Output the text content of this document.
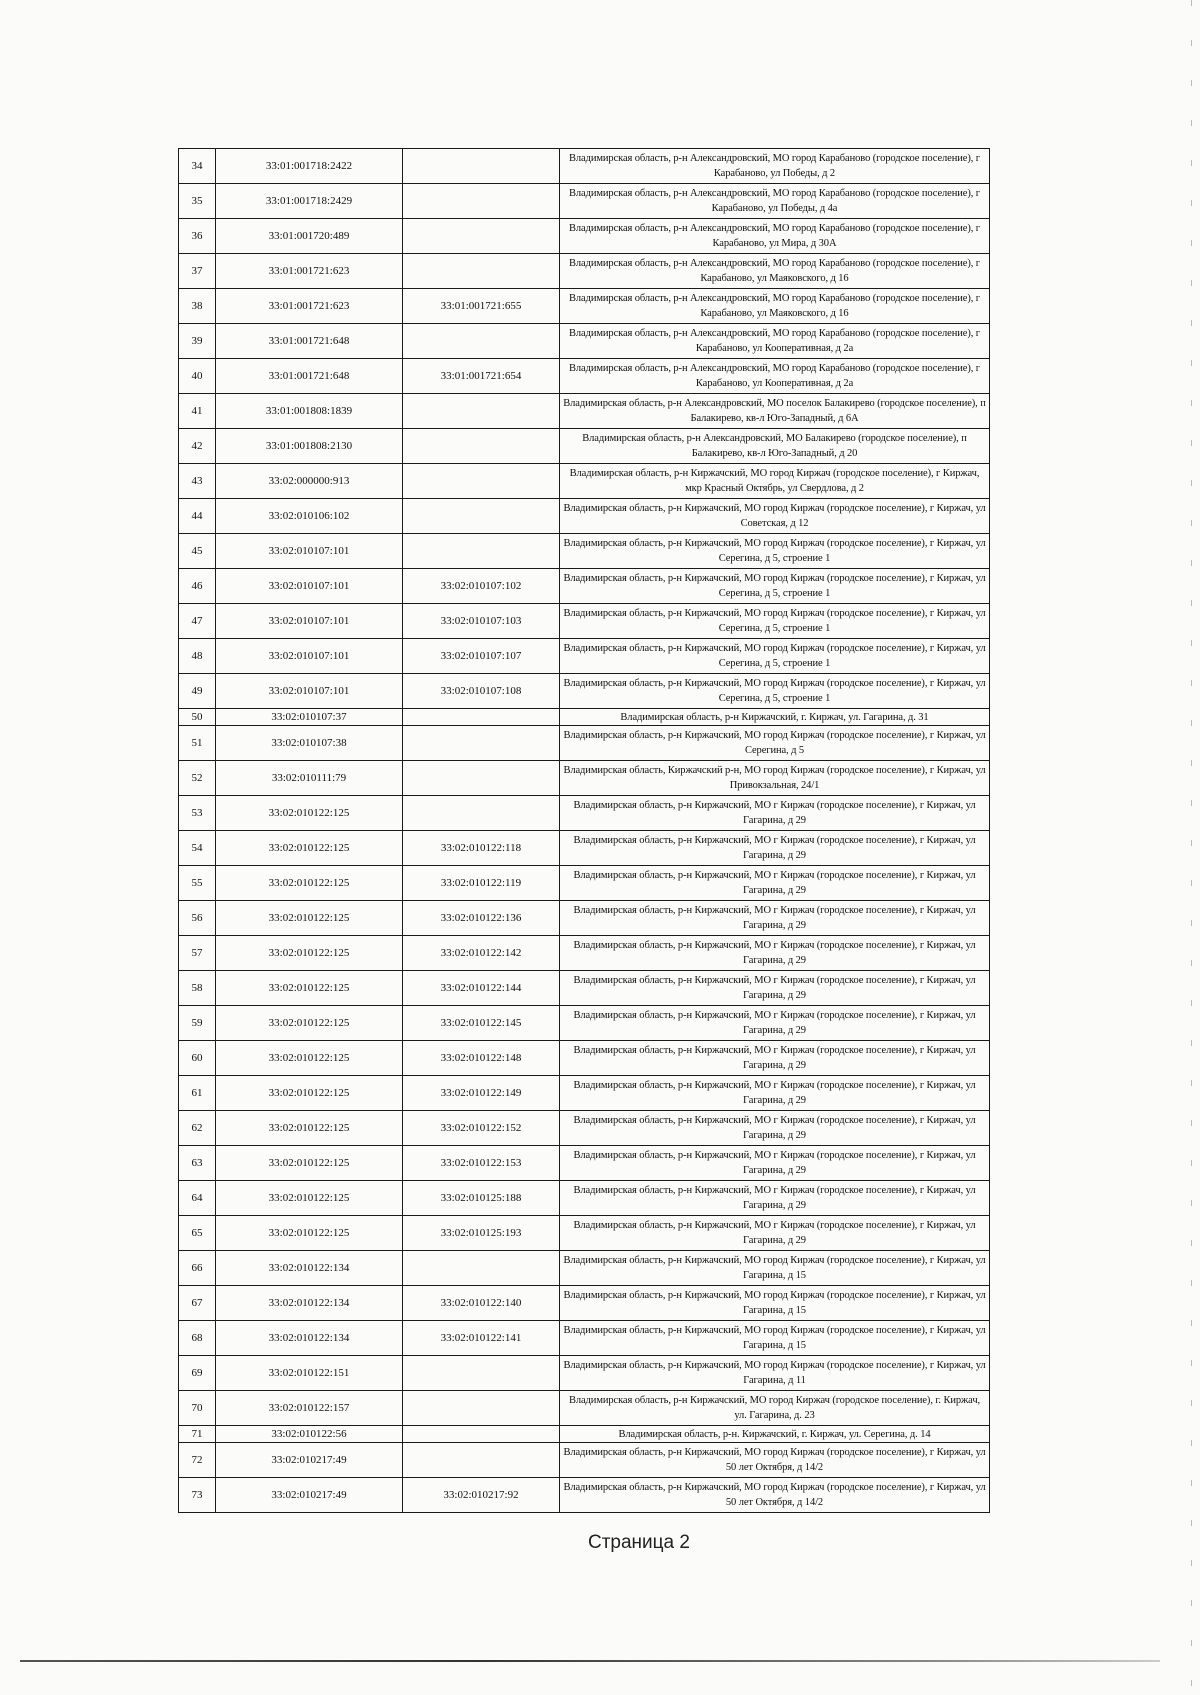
34	33:01:001718:2422		Владимирская область, р-н Александровский, МО город Карабаново (городское поселение), г Карабаново, ул Победы, д 2
35	33:01:001718:2429		Владимирская область, р-н Александровский, МО город Карабаново (городское поселение), г Карабаново, ул Победы, д 4а
36	33:01:001720:489		Владимирская область, р-н Александровский, МО город Карабаново (городское поселение), г Карабаново, ул Мира, д 30А
37	33:01:001721:623		Владимирская область, р-н Александровский, МО город Карабаново (городское поселение), г Карабаново, ул Маяковского, д 16
38	33:01:001721:623	33:01:001721:655	Владимирская область, р-н Александровский, МО город Карабаново (городское поселение), г Карабаново, ул Маяковского, д 16
39	33:01:001721:648		Владимирская область, р-н Александровский, МО город Карабаново (городское поселение), г Карабаново, ул Кооперативная, д 2а
40	33:01:001721:648	33:01:001721:654	Владимирская область, р-н Александровский, МО город Карабаново (городское поселение), г Карабаново, ул Кооперативная, д 2а
41	33:01:001808:1839		Владимирская область, р-н Александровский, МО поселок Балакирево (городское поселение), п Балакирево, кв-л Юго-Западный, д 6А
42	33:01:001808:2130		Владимирская область, р-н Александровский, МО Балакирево (городское поселение), п Балакирево, кв-л Юго-Западный, д 20
43	33:02:000000:913		Владимирская область, р-н Киржачский, МО город Киржач (городское поселение), г Киржач, мкр Красный Октябрь, ул Свердлова, д 2
44	33:02:010106:102		Владимирская область, р-н Киржачский, МО город Киржач (городское поселение), г Киржач, ул Советская, д 12
45	33:02:010107:101		Владимирская область, р-н Киржачский, МО город Киржач (городское поселение), г Киржач, ул Серегина, д 5, строение 1
46	33:02:010107:101	33:02:010107:102	Владимирская область, р-н Киржачский, МО город Киржач (городское поселение), г Киржач, ул Серегина, д 5, строение 1
47	33:02:010107:101	33:02:010107:103	Владимирская область, р-н Киржачский, МО город Киржач (городское поселение), г Киржач, ул Серегина, д 5, строение 1
48	33:02:010107:101	33:02:010107:107	Владимирская область, р-н Киржачский, МО город Киржач (городское поселение), г Киржач, ул Серегина, д 5, строение 1
49	33:02:010107:101	33:02:010107:108	Владимирская область, р-н Киржачский, МО город Киржач (городское поселение), г Киржач, ул Серегина, д 5, строение 1
50	33:02:010107:37		Владимирская область, р-н Киржачский, г. Киржач, ул. Гагарина, д. 31
51	33:02:010107:38		Владимирская область, р-н Киржачский, МО город Киржач (городское поселение), г Киржач, ул Серегина, д 5
52	33:02:010111:79		Владимирская область, Киржачский р-н, МО город Киржач (городское поселение), г Киржач, ул Привокзальная, 24/1
53	33:02:010122:125		Владимирская область, р-н Киржачский, МО г Киржач (городское поселение), г Киржач, ул Гагарина, д 29
54	33:02:010122:125	33:02:010122:118	Владимирская область, р-н Киржачский, МО г Киржач (городское поселение), г Киржач, ул Гагарина, д 29
55	33:02:010122:125	33:02:010122:119	Владимирская область, р-н Киржачский, МО г Киржач (городское поселение), г Киржач, ул Гагарина, д 29
56	33:02:010122:125	33:02:010122:136	Владимирская область, р-н Киржачский, МО г Киржач (городское поселение), г Киржач, ул Гагарина, д 29
57	33:02:010122:125	33:02:010122:142	Владимирская область, р-н Киржачский, МО г Киржач (городское поселение), г Киржач, ул Гагарина, д 29
58	33:02:010122:125	33:02:010122:144	Владимирская область, р-н Киржачский, МО г Киржач (городское поселение), г Киржач, ул Гагарина, д 29
59	33:02:010122:125	33:02:010122:145	Владимирская область, р-н Киржачский, МО г Киржач (городское поселение), г Киржач, ул Гагарина, д 29
60	33:02:010122:125	33:02:010122:148	Владимирская область, р-н Киржачский, МО г Киржач (городское поселение), г Киржач, ул Гагарина, д 29
61	33:02:010122:125	33:02:010122:149	Владимирская область, р-н Киржачский, МО г Киржач (городское поселение), г Киржач, ул Гагарина, д 29
62	33:02:010122:125	33:02:010122:152	Владимирская область, р-н Киржачский, МО г Киржач (городское поселение), г Киржач, ул Гагарина, д 29
63	33:02:010122:125	33:02:010122:153	Владимирская область, р-н Киржачский, МО г Киржач (городское поселение), г Киржач, ул Гагарина, д 29
64	33:02:010122:125	33:02:010125:188	Владимирская область, р-н Киржачский, МО г Киржач (городское поселение), г Киржач, ул Гагарина, д 29
65	33:02:010122:125	33:02:010125:193	Владимирская область, р-н Киржачский, МО г Киржач (городское поселение), г Киржач, ул Гагарина, д 29
66	33:02:010122:134		Владимирская область, р-н Киржачский, МО город Киржач (городское поселение), г Киржач, ул Гагарина, д 15
67	33:02:010122:134	33:02:010122:140	Владимирская область, р-н Киржачский, МО город Киржач (городское поселение), г Киржач, ул Гагарина, д 15
68	33:02:010122:134	33:02:010122:141	Владимирская область, р-н Киржачский, МО город Киржач (городское поселение), г Киржач, ул Гагарина, д 15
69	33:02:010122:151		Владимирская область, р-н Киржачский, МО город Киржач (городское поселение), г Киржач, ул Гагарина, д 11
70	33:02:010122:157		Владимирская область, р-н Киржачский, МО город Киржач (городское поселение), г. Киржач, ул. Гагарина, д. 23
71	33:02:010122:56		Владимирская область, р-н. Киржачский, г. Киржач, ул. Серегина, д. 14
72	33:02:010217:49		Владимирская область, р-н Киржачский, МО город Киржач (городское поселение), г Киржач, ул 50 лет Октября, д 14/2
73	33:02:010217:49	33:02:010217:92	Владимирская область, р-н Киржачский, МО город Киржач (городское поселение), г Киржач, ул 50 лет Октября, д 14/2
Страница 2
